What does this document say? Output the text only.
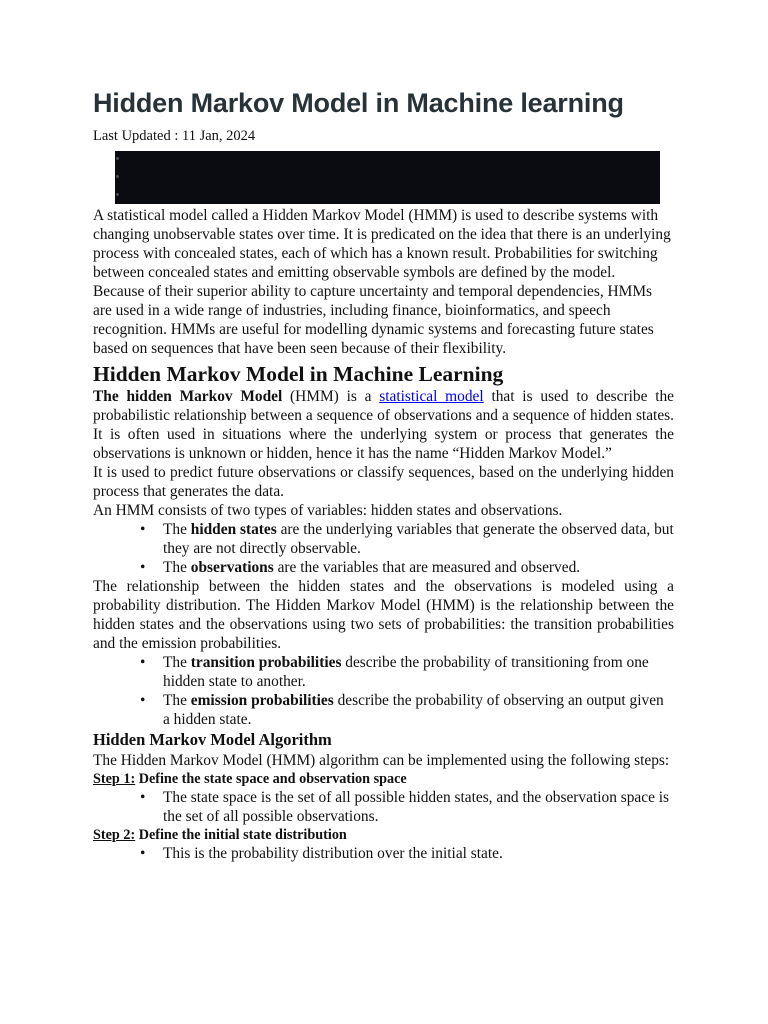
Hidden Markov Model in Machine learning
Last Updated : 11 Jan, 2024

A statistical model called a Hidden Markov Model (HMM) is used to describe systems with changing unobservable states over time. It is predicated on the idea that there is an underlying process with concealed states, each of which has a known result. Probabilities for switching between concealed states and emitting observable symbols are defined by the model.

Because of their superior ability to capture uncertainty and temporal dependencies, HMMs are used in a wide range of industries, including finance, bioinformatics, and speech recognition. HMMs are useful for modelling dynamic systems and forecasting future states based on sequences that have been seen because of their flexibility.

Hidden Markov Model in Machine Learning

The hidden Markov Model (HMM) is a statistical model that is used to describe the probabilistic relationship between a sequence of observations and a sequence of hidden states. It is often used in situations where the underlying system or process that generates the observations is unknown or hidden, hence it has the name “Hidden Markov Model.”

It is used to predict future observations or classify sequences, based on the underlying hidden process that generates the data.

An HMM consists of two types of variables: hidden states and observations.

• The hidden states are the underlying variables that generate the observed data, but they are not directly observable.
• The observations are the variables that are measured and observed.

The relationship between the hidden states and the observations is modeled using a probability distribution. The Hidden Markov Model (HMM) is the relationship between the hidden states and the observations using two sets of probabilities: the transition probabilities and the emission probabilities.

• The transition probabilities describe the probability of transitioning from one hidden state to another.
• The emission probabilities describe the probability of observing an output given a hidden state.
Hidden Markov Model Algorithm

The Hidden Markov Model (HMM) algorithm can be implemented using the following steps:

Step 1: Define the state space and observation space

• The state space is the set of all possible hidden states, and the observation space is the set of all possible observations.

Step 2: Define the initial state distribution

• This is the probability distribution over the initial state.
